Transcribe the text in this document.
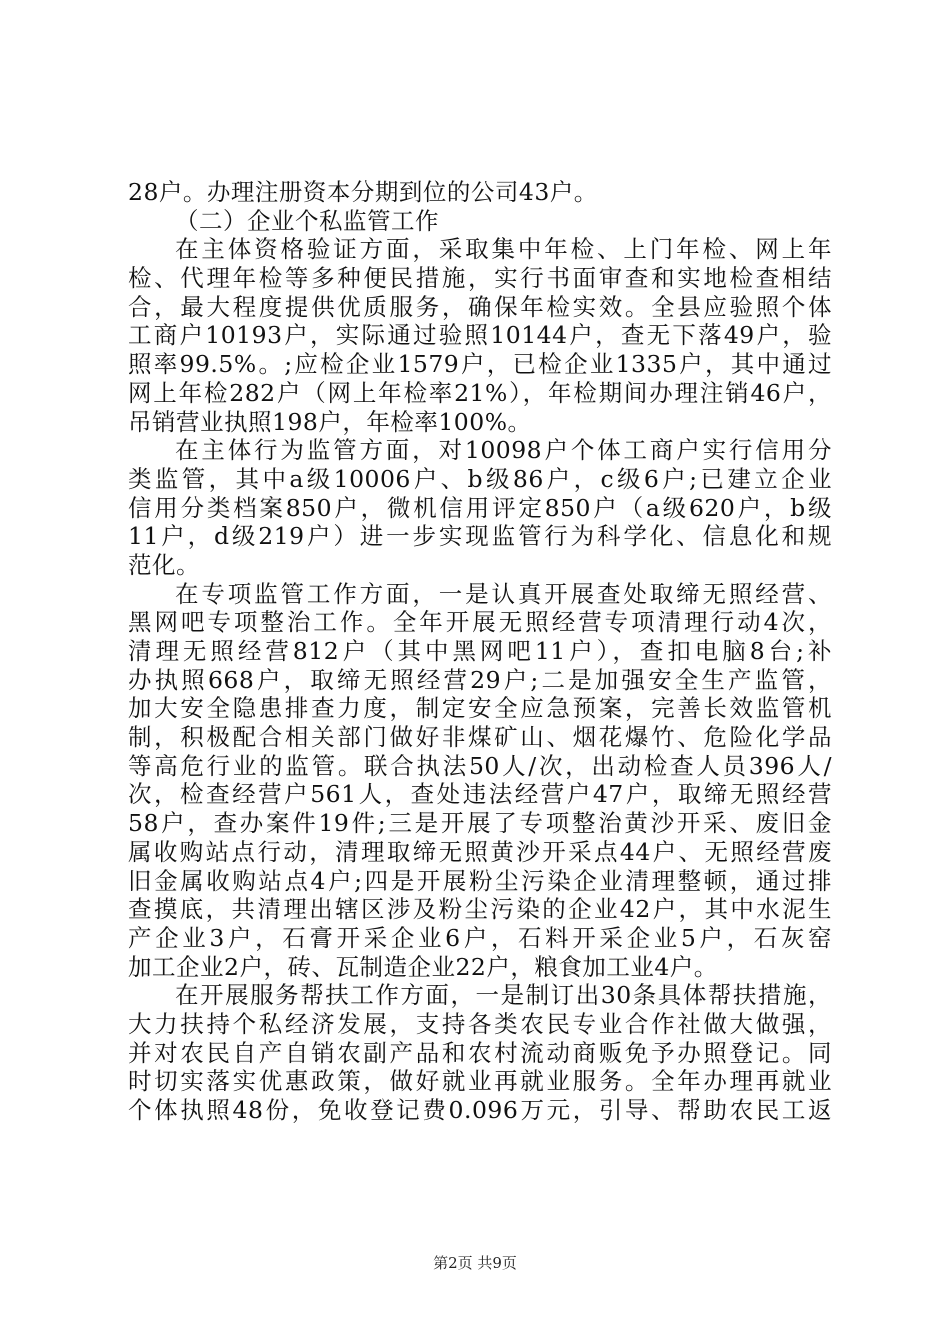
28户。办理注册资本分期到位的公司43户。
（二）企业个私监管工作
在主体资格验证方面，采取集中年检、上门年检、网上年
检、代理年检等多种便民措施，实行书面审查和实地检查相结
合，最大程度提供优质服务，确保年检实效。全县应验照个体
工商户10193户，实际通过验照10144户，查无下落49户，验
照率99.5%。;应检企业1579户，已检企业1335户，其中通过
网上年检282户（网上年检率21%），年检期间办理注销46户，
吊销营业执照198户，年检率100%。
在主体行为监管方面，对10098户个体工商户实行信用分
类监管，其中a级10006户、b级86户，c级6户;已建立企业
信用分类档案850户，微机信用评定850户（a级620户，b级
11户，d级219户）进一步实现监管行为科学化、信息化和规
范化。
在专项监管工作方面，一是认真开展查处取缔无照经营、
黑网吧专项整治工作。全年开展无照经营专项清理行动4次，
清理无照经营812户（其中黑网吧11户），查扣电脑8台;补
办执照668户，取缔无照经营29户;二是加强安全生产监管，
加大安全隐患排查力度，制定安全应急预案，完善长效监管机
制，积极配合相关部门做好非煤矿山、烟花爆竹、危险化学品
等高危行业的监管。联合执法50人/次，出动检查人员396人/
次，检查经营户561人，查处违法经营户47户，取缔无照经营
58户，查办案件19件;三是开展了专项整治黄沙开采、废旧金
属收购站点行动，清理取缔无照黄沙开采点44户、无照经营废
旧金属收购站点4户;四是开展粉尘污染企业清理整顿，通过排
查摸底，共清理出辖区涉及粉尘污染的企业42户，其中水泥生
产企业3户，石膏开采企业6户，石料开采企业5户，石灰窑
加工企业2户，砖、瓦制造企业22户，粮食加工业4户。
在开展服务帮扶工作方面，一是制订出30条具体帮扶措施，
大力扶持个私经济发展，支持各类农民专业合作社做大做强，
并对农民自产自销农副产品和农村流动商贩免予办照登记。同
时切实落实优惠政策，做好就业再就业服务。全年办理再就业
个体执照48份，免收登记费0.096万元，引导、帮助农民工返
第2页 共9页
